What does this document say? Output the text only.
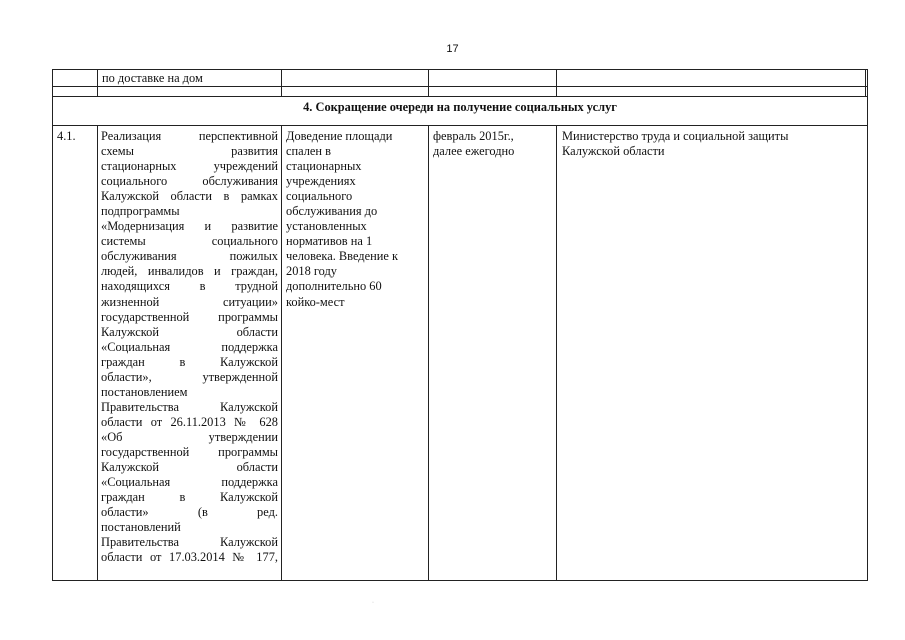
17
по доставке на дом
4. Сокращение очереди на получение социальных услуг
4.1.	Реализация перспективной
схемы развития
стационарных учреждений
социального обслуживания
Калужской области в рамках
подпрограммы
«Модернизация и развитие
системы социального
обслуживания пожилых
людей, инвалидов и граждан,
находящихся в трудной
жизненной ситуации»
государственной программы
Калужской области
«Социальная поддержка
граждан в Калужской
области», утвержденной
постановлением
Правительства Калужской
области от 26.11.2013 № 628
«Об утверждении
государственной программы
Калужской области
«Социальная поддержка
граждан в Калужской
области» (в ред.
постановлений
Правительства Калужской
области от 17.03.2014 № 177,
Доведение площади
спален в
стационарных
учреждениях
социального
обслуживания до
установленных
нормативов на 1
человека. Введение к
2018 году
дополнительно 60
койко-мест
февраль 2015г.,
далее ежегодно
Министерство труда и социальной защиты
Калужской области
·
